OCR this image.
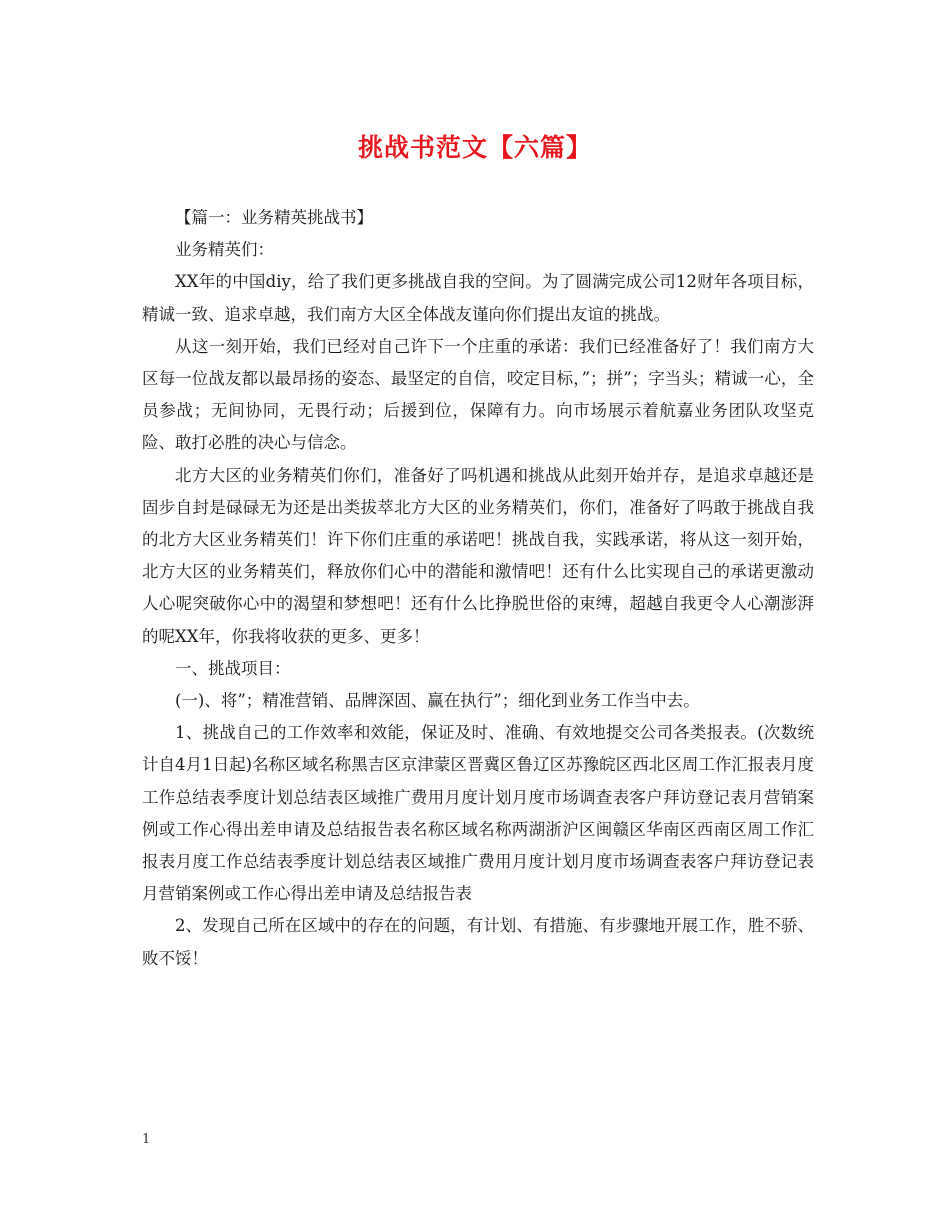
挑战书范文【六篇】

【篇一：业务精英挑战书】

业务精英们：

XX年的中国diy，给了我们更多挑战自我的空间。为了圆满完成公司12财年各项目标，精诚一致、追求卓越，我们南方大区全体战友谨向你们提出友谊的挑战。

从这一刻开始，我们已经对自己许下一个庄重的承诺：我们已经准备好了！我们南方大区每一位战友都以最昂扬的姿态、最坚定的自信，咬定目标，”；拼”；字当头；精诚一心，全员参战；无间协同，无畏行动；后援到位，保障有力。向市场展示着航嘉业务团队攻坚克险、敢打必胜的决心与信念。

北方大区的业务精英们你们，准备好了吗机遇和挑战从此刻开始并存，是追求卓越还是固步自封是碌碌无为还是出类拔萃北方大区的业务精英们，你们，准备好了吗敢于挑战自我的北方大区业务精英们！许下你们庄重的承诺吧！挑战自我，实践承诺，将从这一刻开始，北方大区的业务精英们，释放你们心中的潜能和激情吧！还有什么比实现自己的承诺更激动人心呢突破你心中的渴望和梦想吧！还有什么比挣脱世俗的束缚，超越自我更令人心潮澎湃的呢XX年，你我将收获的更多、更多！

一、挑战项目：

(一)、将”；精准营销、品牌深固、赢在执行”；细化到业务工作当中去。

1、挑战自己的工作效率和效能，保证及时、准确、有效地提交公司各类报表。(次数统计自4月1日起)名称区域名称黑吉区京津蒙区晋冀区鲁辽区苏豫皖区西北区周工作汇报表月度工作总结表季度计划总结表区域推广费用月度计划月度市场调查表客户拜访登记表月营销案例或工作心得出差申请及总结报告表名称区域名称两湖浙沪区闽赣区华南区西南区周工作汇报表月度工作总结表季度计划总结表区域推广费用月度计划月度市场调查表客户拜访登记表月营销案例或工作心得出差申请及总结报告表

2、发现自己所在区域中的存在的问题，有计划、有措施、有步骤地开展工作，胜不骄、败不馁！

1
